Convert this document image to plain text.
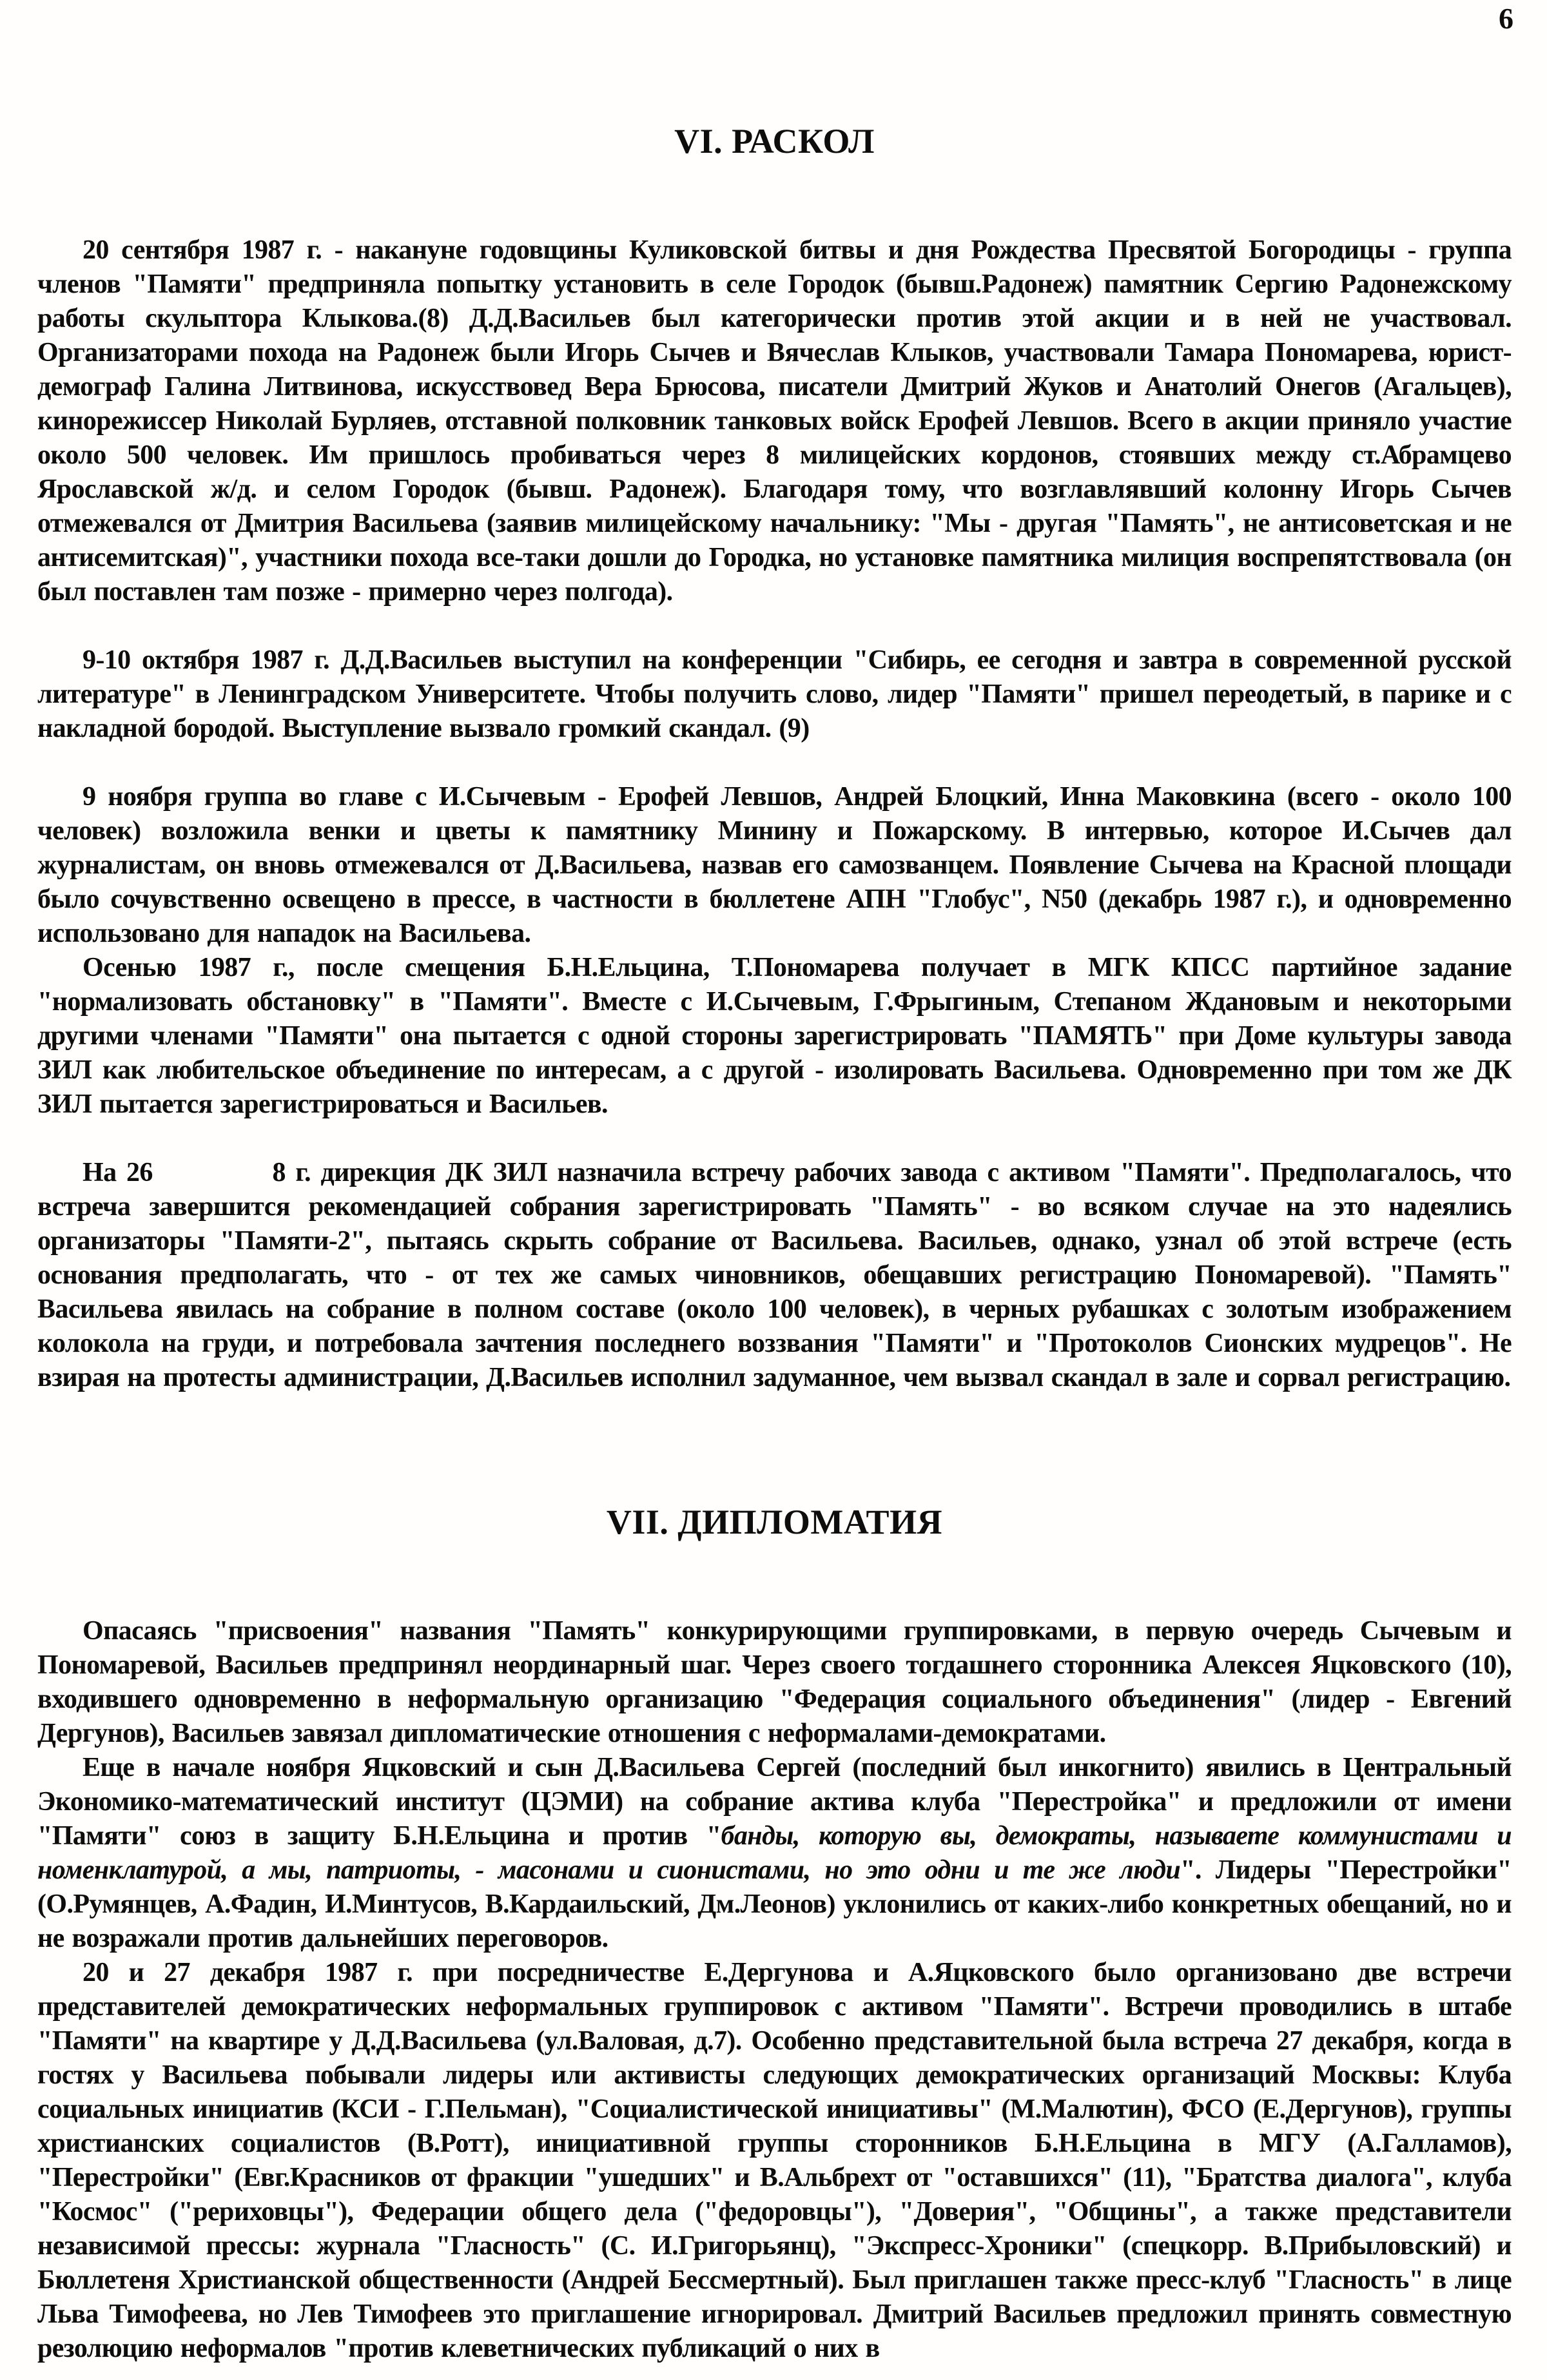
6
VI. РАСКОЛ

20 сентября 1987 г. - накануне годовщины Куликовской битвы и дня Рождества Пресвятой Богородицы - группа членов "Памяти" предприняла попытку установить в селе Городок (бывш.Радонеж) памятник Сергию Радонежскому работы скульптора Клыкова.(8) Д.Д.Васильев был категорически против этой акции и в ней не участвовал. Организаторами похода на Радонеж были Игорь Сычев и Вячеслав Клыков, участвовали Тамара Пономарева, юрист-демограф Галина Литвинова, искусствовед Вера Брюсова, писатели Дмитрий Жуков и Анатолий Онегов (Агальцев), кинорежиссер Николай Бурляев, отставной полковник танковых войск Ерофей Левшов. Всего в акции приняло участие около 500 человек. Им пришлось пробиваться через 8 милицейских кордонов, стоявших между ст.Абрамцево Ярославской ж/д. и селом Городок (бывш. Радонеж). Благодаря тому, что возглавлявший колонну Игорь Сычев отмежевался от Дмитрия Васильева (заявив милицейскому начальнику: "Мы - другая "Память", не антисоветская и не антисемитская)", участники похода все-таки дошли до Городка, но установке памятника милиция воспрепятствовала (он был поставлен там позже - примерно через полгода).

9-10 октября 1987 г. Д.Д.Васильев выступил на конференции "Сибирь, ее сегодня и завтра в современной русской литературе" в Ленинградском Университете. Чтобы получить слово, лидер "Памяти" пришел переодетый, в парике и с накладной бородой. Выступление вызвало громкий скандал. (9)

9 ноября группа во главе с И.Сычевым - Ерофей Левшов, Андрей Блоцкий, Инна Маковкина (всего - около 100 человек) возложила венки и цветы к памятнику Минину и Пожарскому. В интервью, которое И.Сычев дал журналистам, он вновь отмежевался от Д.Васильева, назвав его самозванцем. Появление Сычева на Красной площади было сочувственно освещено в прессе, в частности в бюллетене АПН "Глобус", N50 (декабрь 1987 г.), и одновременно использовано для нападок на Васильева.

Осенью 1987 г., после смещения Б.Н.Ельцина, Т.Пономарева получает в МГК КПСС партийное задание "нормализовать обстановку" в "Памяти". Вместе с И.Сычевым, Г.Фрыгиным, Степаном Ждановым и некоторыми другими членами "Памяти" она пытается с одной стороны зарегистрировать "ПАМЯТЬ" при Доме культуры завода ЗИЛ как любительское объединение по интересам, а с другой - изолировать Васильева. Одновременно при том же ДК ЗИЛ пытается зарегистрироваться и Васильев.

На 26            8 г. дирекция ДК ЗИЛ назначила встречу рабочих завода с активом "Памяти". Предполагалось, что встреча завершится рекомендацией собрания зарегистрировать "Память" - во всяком случае на это надеялись организаторы "Памяти-2", пытаясь скрыть собрание от Васильева. Васильев, однако, узнал об этой встрече (есть основания предполагать, что - от тех же самых чиновников, обещавших регистрацию Пономаревой). "Память" Васильева явилась на собрание в полном составе (около 100 человек), в черных рубашках с золотым изображением колокола на груди, и потребовала зачтения последнего воззвания "Памяти" и "Протоколов Сионских мудрецов". Не взирая на протесты администрации, Д.Васильев исполнил задуманное, чем вызвал скандал в зале и сорвал регистрацию.

VII. ДИПЛОМАТИЯ

Опасаясь "присвоения" названия "Память" конкурирующими группировками, в первую очередь Сычевым и Пономаревой, Васильев предпринял неординарный шаг. Через своего тогдашнего сторонника Алексея Яцковского (10), входившего одновременно в неформальную организацию "Федерация социального объединения" (лидер - Евгений Дергунов), Васильев завязал дипломатические отношения с неформалами-демократами.

Еще в начале ноября Яцковский и сын Д.Васильева Сергей (последний был инкогнито) явились в Центральный Экономико-математический институт (ЦЭМИ) на собрание актива клуба "Перестройка" и предложили от имени "Памяти" союз в защиту Б.Н.Ельцина и против "банды, которую вы, демократы, называете коммунистами и номенклатурой, а мы, патриоты, - масонами и сионистами, но это одни и те же люди". Лидеры "Перестройки" (О.Румянцев, А.Фадин, И.Минтусов, В.Кардаильский, Дм.Леонов) уклонились от каких-либо конкретных обещаний, но и не возражали против дальнейших переговоров.

20 и 27 декабря 1987 г. при посредничестве Е.Дергунова и А.Яцковского было организовано две встречи представителей демократических неформальных группировок с активом "Памяти". Встречи проводились в штабе "Памяти" на квартире у Д.Д.Васильева (ул.Валовая, д.7). Особенно представительной была встреча 27 декабря, когда в гостях у Васильева побывали лидеры или активисты следующих демократических организаций Москвы: Клуба социальных инициатив (КСИ - Г.Пельман), "Социалистической инициативы" (М.Малютин), ФСО (Е.Дергунов), группы христианских социалистов (В.Ротт), инициативной группы сторонников Б.Н.Ельцина в МГУ (А.Галламов), "Перестройки" (Евг.Красников от фракции "ушедших" и В.Альбрехт от "оставшихся" (11), "Братства диалога", клуба "Космос" ("рериховцы"), Федерации общего дела ("федоровцы"), "Доверия", "Общины", а также представители независимой прессы: журнала "Гласность" (С. И.Григорьянц), "Экспресс-Хроники" (спецкорр. В.Прибыловский) и Бюллетеня Христианской общественности (Андрей Бессмертный). Был приглашен также пресс-клуб "Гласность" в лице Льва Тимофеева, но Лев Тимофеев это приглашение игнорировал. Дмитрий Васильев предложил принять совместную резолюцию неформалов "против клеветнических публикаций о них в
